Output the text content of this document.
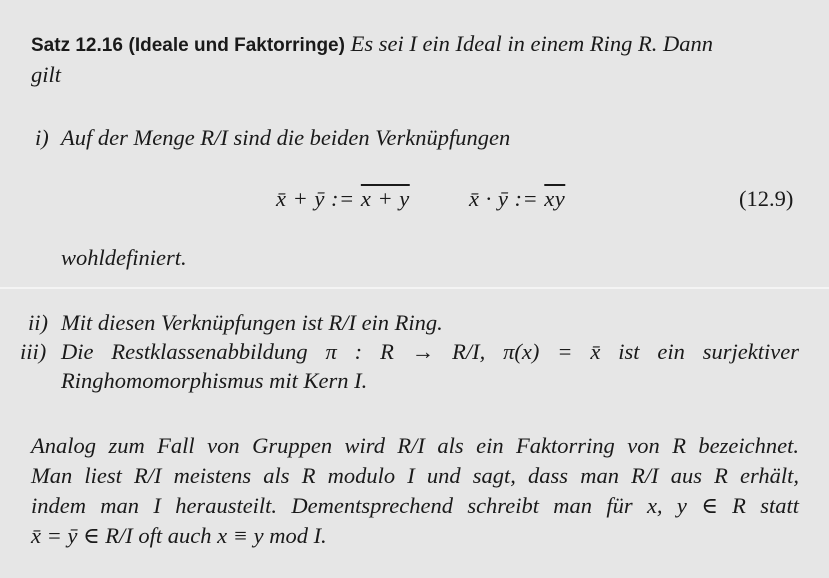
Satz 12.16 (Ideale und Faktorringe) Es sei I ein Ideal in einem Ring R. Dann
gilt
i) Auf der Menge R/I sind die beiden Verknüpfungen
x̄ + ȳ := x + y	x̄ · ȳ := $\overline{xy}$	(12.9)
wohldefiniert.
ii) Mit diesen Verknüpfungen ist R/I ein Ring.
iii) Die Restklassenabbildung π : R → R/I, π(x) = x̄ ist ein surjektiver
Ringhomomorphismus mit Kern I.
Analog zum Fall von Gruppen wird R/I als ein Faktorring von R bezeichnet.
Man liest R/I meistens als R modulo I und sagt, dass man R/I aus R erhält,
indem man I herausteilt. Dementsprechend schreibt man für x, y ∈ R statt
x̄ = ȳ ∈ R/I oft auch x ≡ y mod I.
